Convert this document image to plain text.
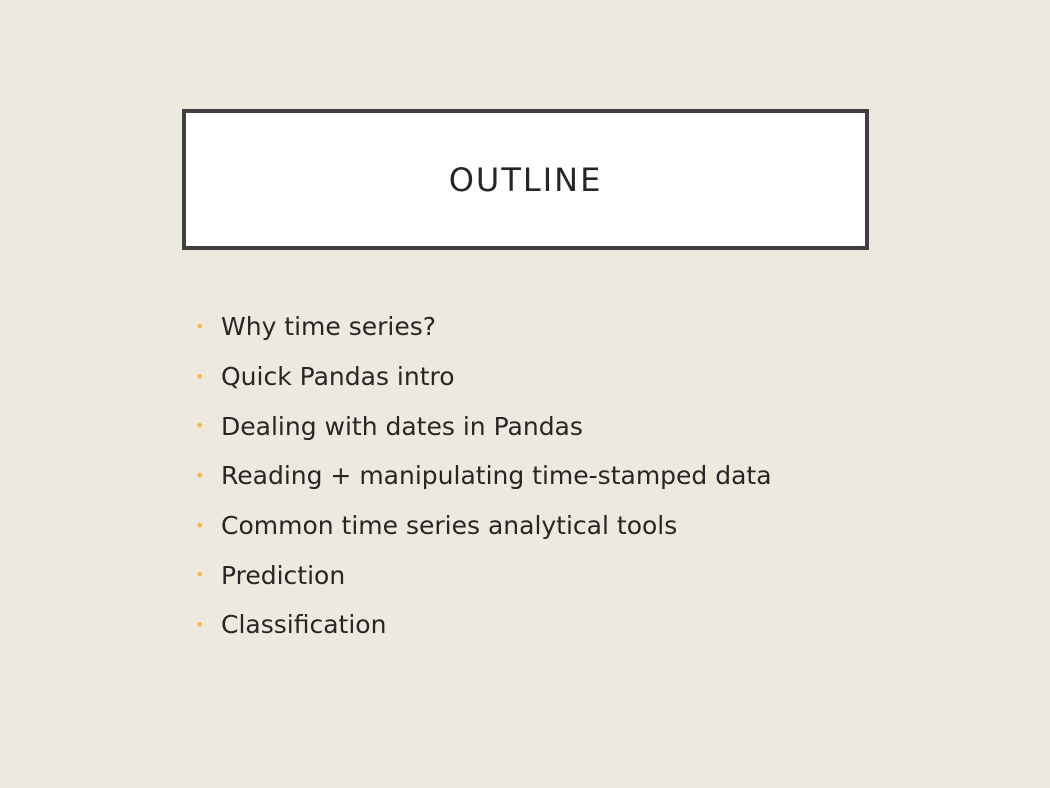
OUTLINE
• Why time series?
• Quick Pandas intro
• Dealing with dates in Pandas
• Reading + manipulating time-stamped data
• Common time series analytical tools
• Prediction
• Classification
